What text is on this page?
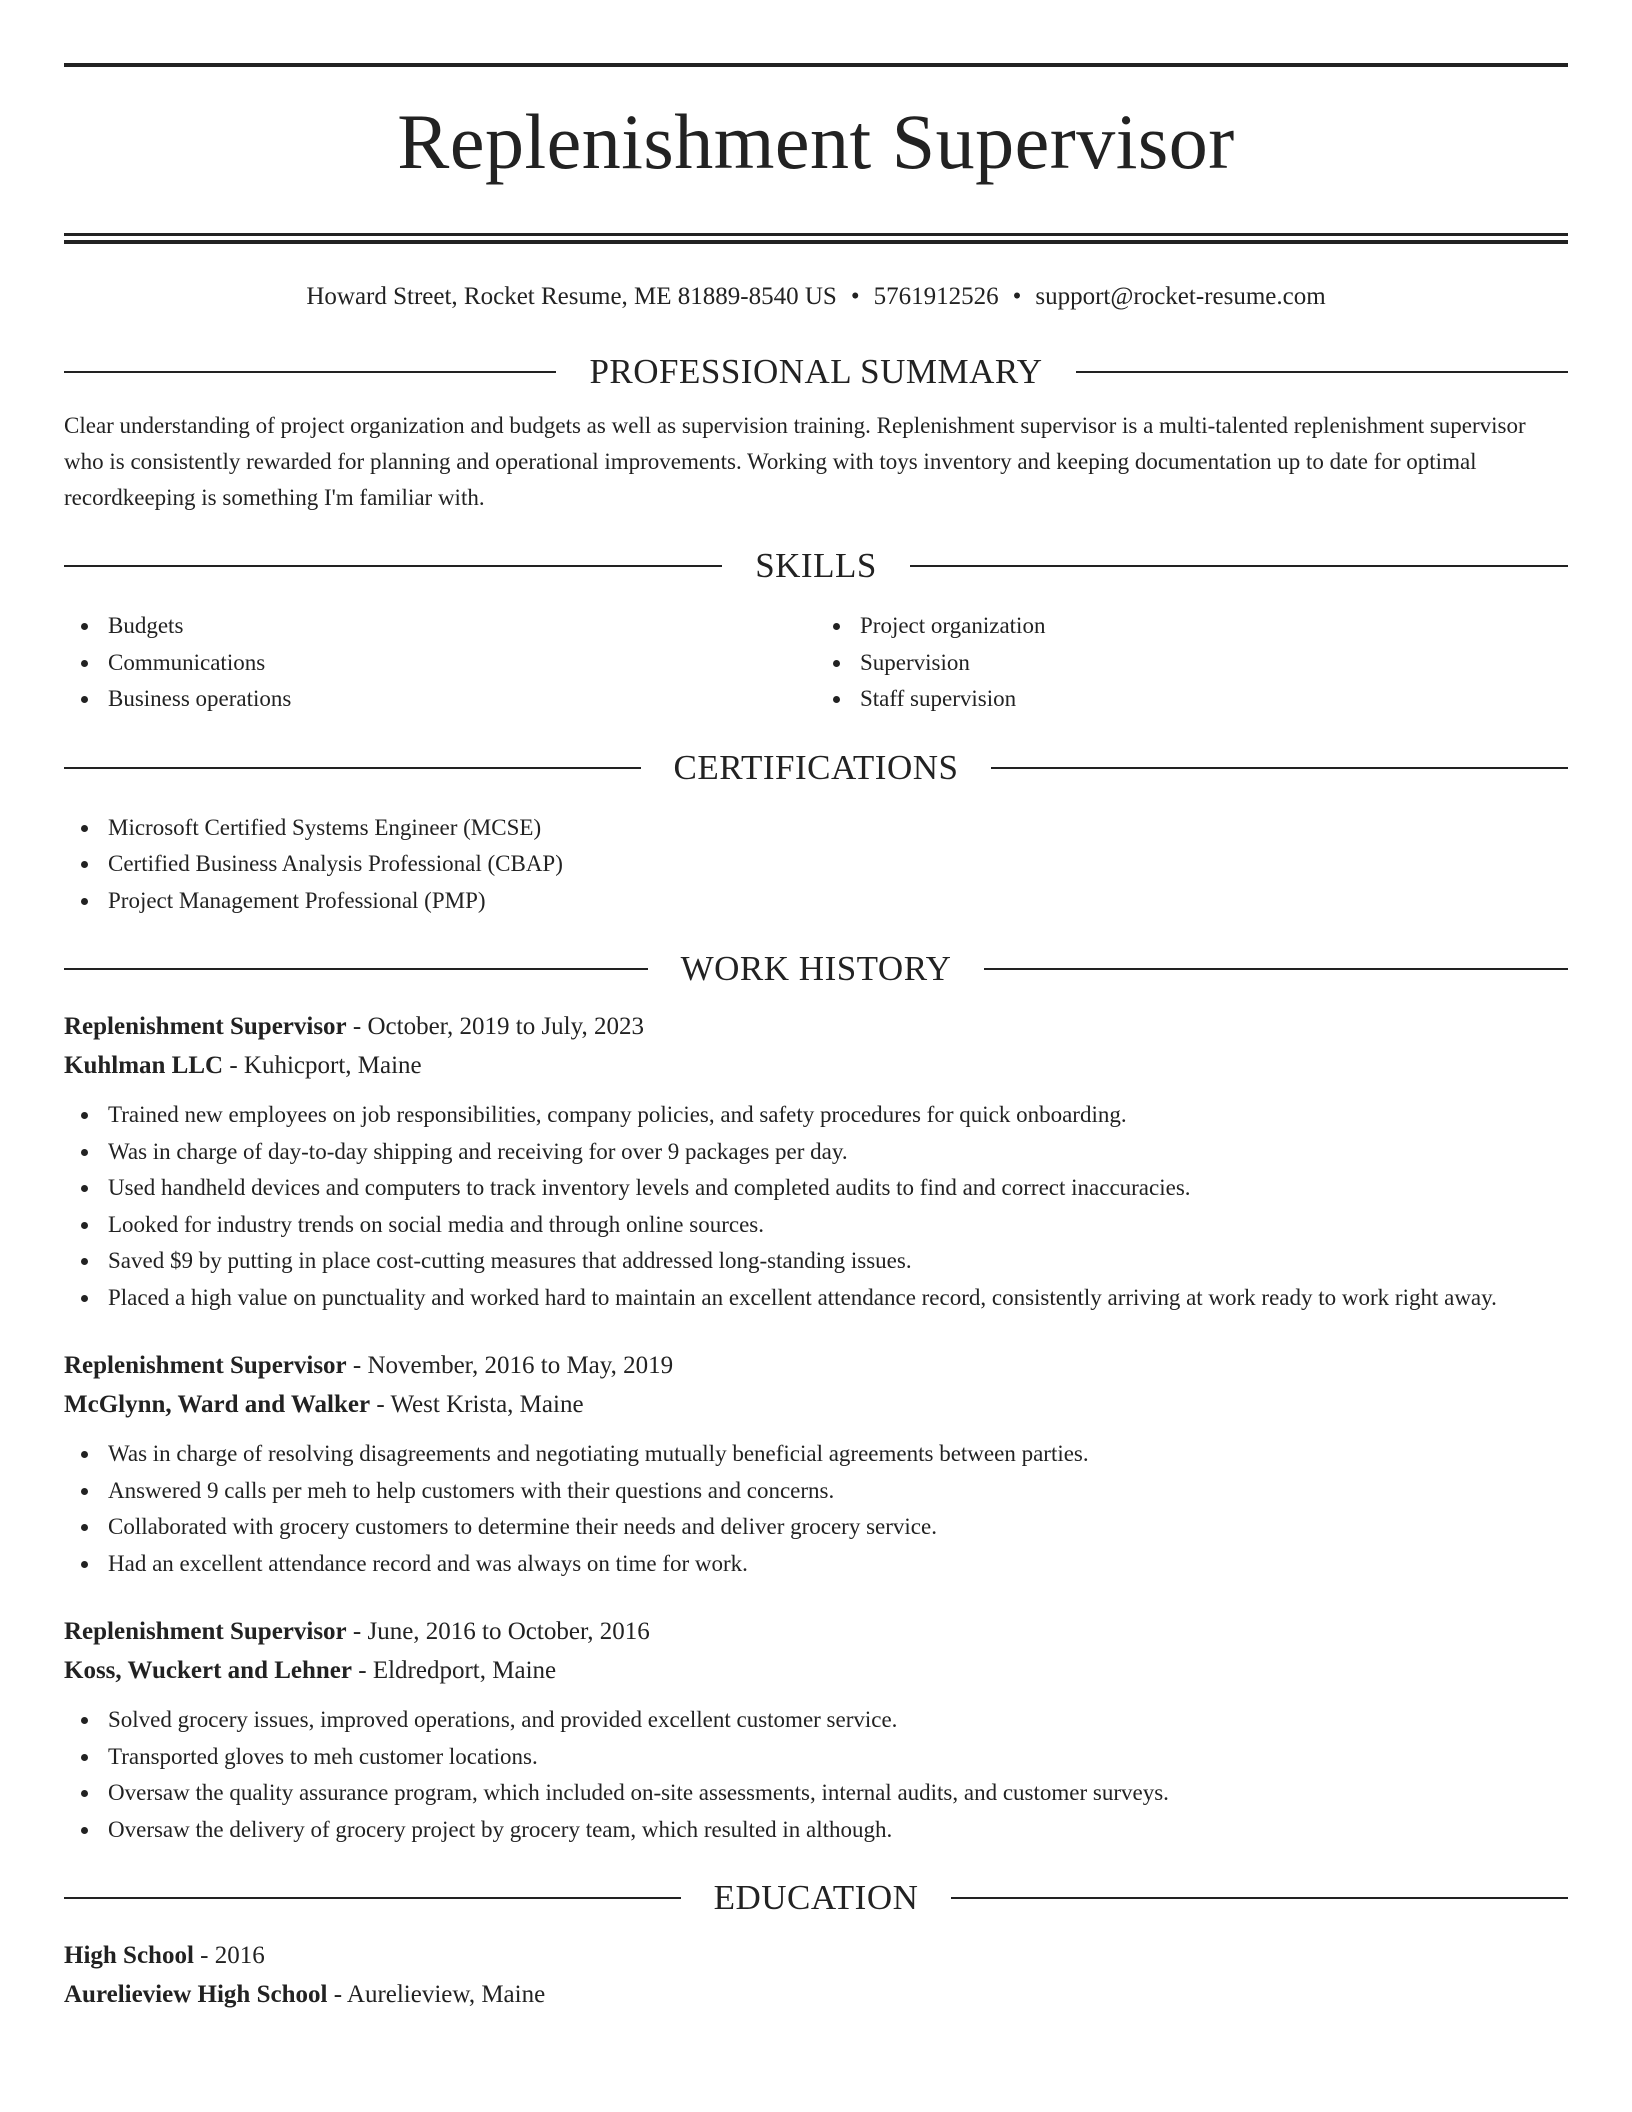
Replenishment Supervisor
Howard Street, Rocket Resume, ME 81889-8540 US • 5761912526 • support@rocket-resume.com
PROFESSIONAL SUMMARY

Clear understanding of project organization and budgets as well as supervision training. Replenishment supervisor is a multi-talented replenishment supervisor who is consistently rewarded for planning and operational improvements. Working with toys inventory and keeping documentation up to date for optimal recordkeeping is something I'm familiar with.

SKILLS
Budgets
Communications
Business operations
Project organization
Supervision
Staff supervision
CERTIFICATIONS
Microsoft Certified Systems Engineer (MCSE)
Certified Business Analysis Professional (CBAP)
Project Management Professional (PMP)
WORK HISTORY
Replenishment Supervisor - October, 2019 to July, 2023
Kuhlman LLC - Kuhicport, Maine
Trained new employees on job responsibilities, company policies, and safety procedures for quick onboarding.
Was in charge of day-to-day shipping and receiving for over 9 packages per day.
Used handheld devices and computers to track inventory levels and completed audits to find and correct inaccuracies.
Looked for industry trends on social media and through online sources.
Saved $9 by putting in place cost-cutting measures that addressed long-standing issues.
Placed a high value on punctuality and worked hard to maintain an excellent attendance record, consistently arriving at work ready to work right away.
Replenishment Supervisor - November, 2016 to May, 2019
McGlynn, Ward and Walker - West Krista, Maine
Was in charge of resolving disagreements and negotiating mutually beneficial agreements between parties.
Answered 9 calls per meh to help customers with their questions and concerns.
Collaborated with grocery customers to determine their needs and deliver grocery service.
Had an excellent attendance record and was always on time for work.
Replenishment Supervisor - June, 2016 to October, 2016
Koss, Wuckert and Lehner - Eldredport, Maine
Solved grocery issues, improved operations, and provided excellent customer service.
Transported gloves to meh customer locations.
Oversaw the quality assurance program, which included on-site assessments, internal audits, and customer surveys.
Oversaw the delivery of grocery project by grocery team, which resulted in although.
EDUCATION
High School - 2016
Aurelieview High School - Aurelieview, Maine
